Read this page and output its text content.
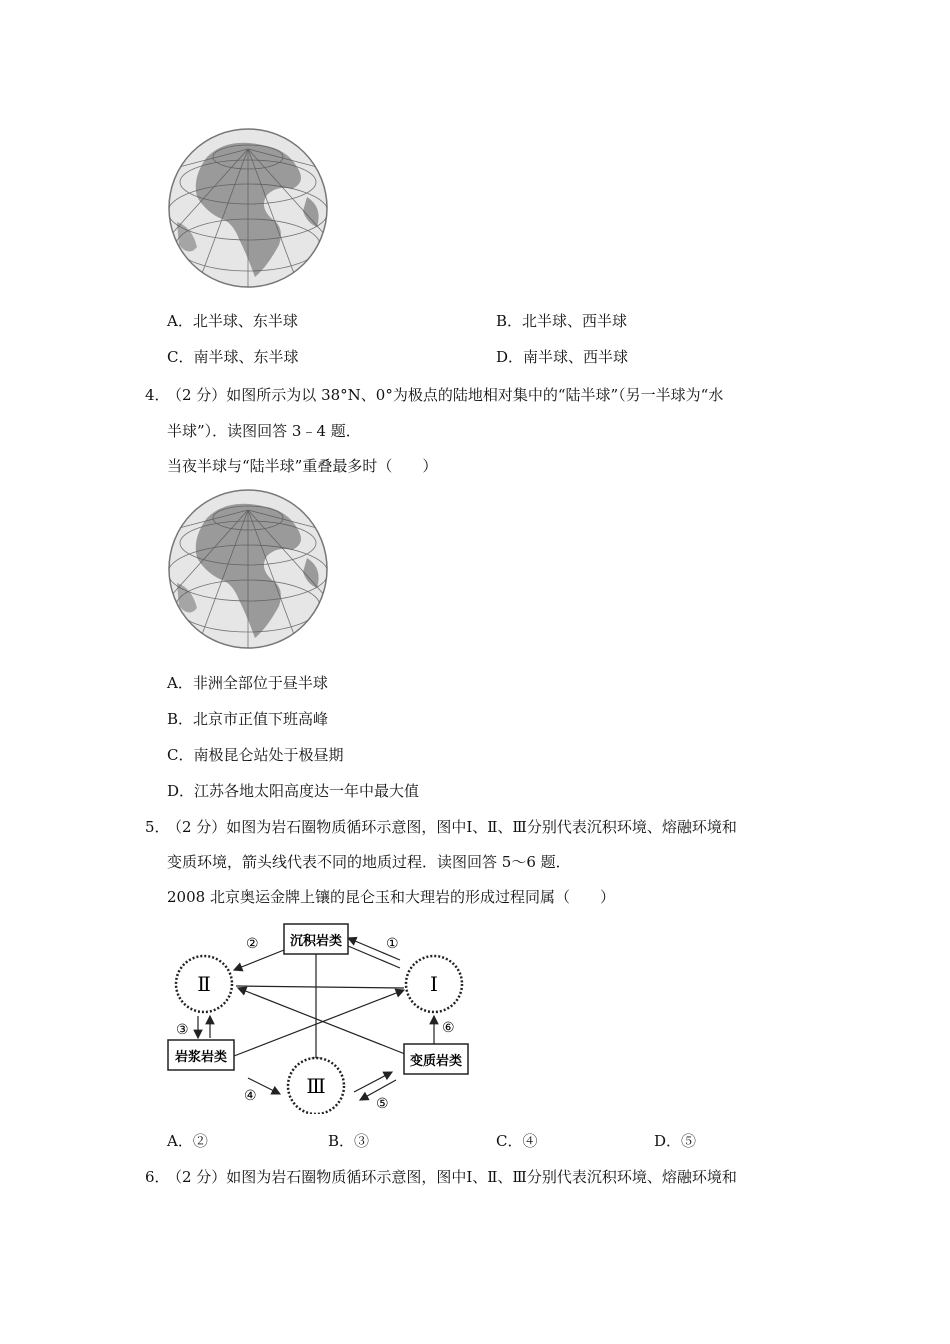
A．北半球、东半球	B．北半球、西半球
C．南半球、东半球	D．南半球、西半球
4．
（2 分）如图所示为以 38°N、0°为极点的陆地相对集中的“陆半球”（另一半球为“水
半球”）．读图回答 3﹣4 题．
当夜半球与“陆半球”重叠最多时（　　）
A．非洲全部位于昼半球
B．北京市正值下班高峰
C．南极昆仑站处于极昼期
D．江苏各地太阳高度达一年中最大值
5．
（2 分）如图为岩石圈物质循环示意图，图中Ⅰ、Ⅱ、Ⅲ分别代表沉积环境、熔融环境和
变质环境，箭头线代表不同的地质过程．读图回答 5～6 题．
2008 北京奥运金牌上镶的昆仑玉和大理岩的形成过程同属（　　）
沉积岩类
岩浆岩类	变质岩类
Ⅱ	Ⅰ
Ⅲ
①
②
③
④	⑤
⑥
A．②	B．③	C．④	D．⑤
6．
（2 分）如图为岩石圈物质循环示意图，图中Ⅰ、Ⅱ、Ⅲ分别代表沉积环境、熔融环境和
